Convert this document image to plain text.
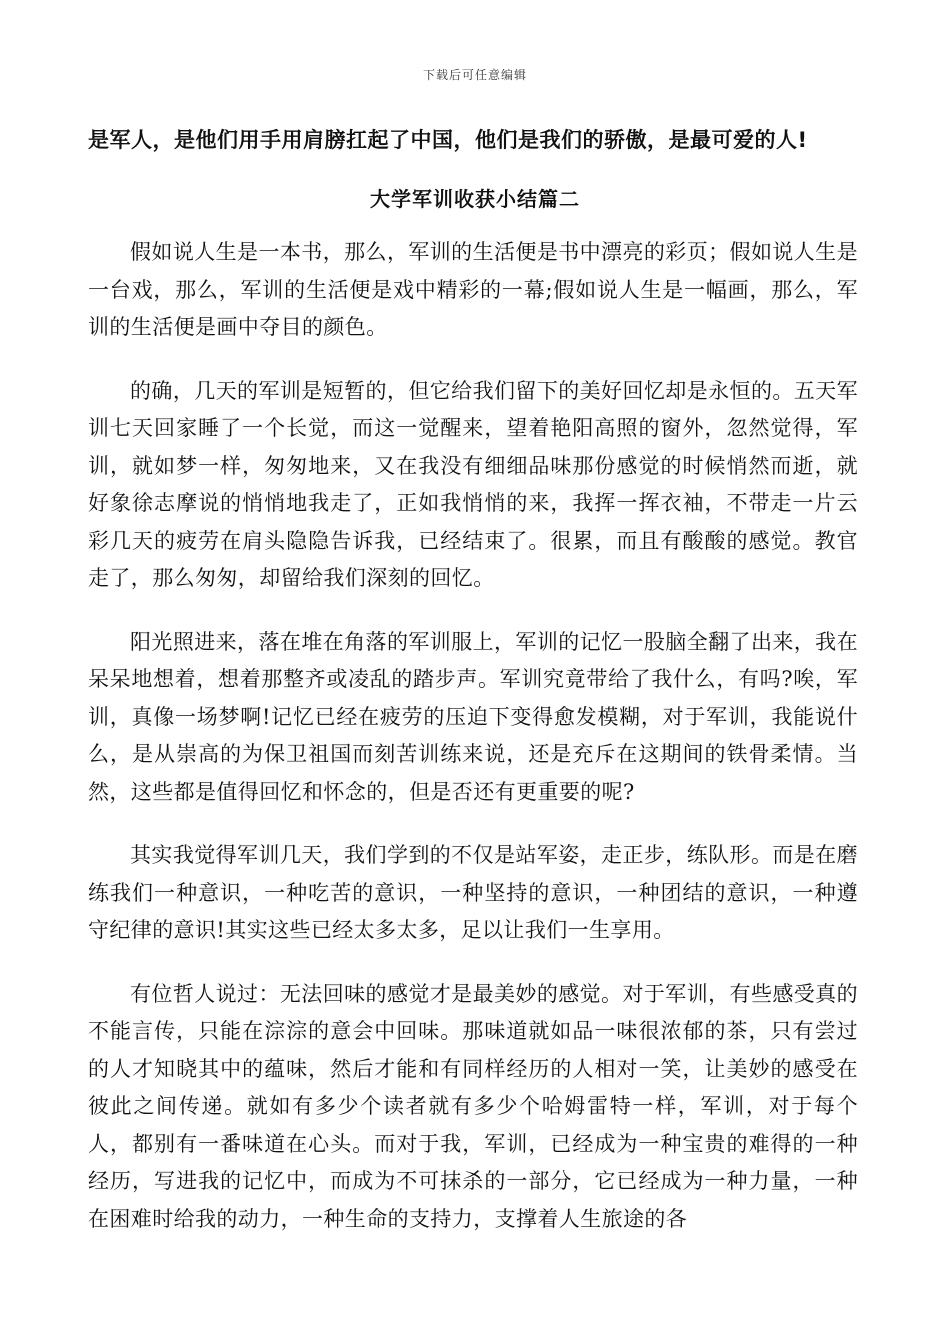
下载后可任意编辑
是军人，是他们用手用肩膀扛起了中国，他们是我们的骄傲，是最可爱的人!
大学军训收获小结篇二

假如说人生是一本书，那么，军训的生活便是书中漂亮的彩页；假如说人生是一台戏，那么，军训的生活便是戏中精彩的一幕;假如说人生是一幅画，那么，军训的生活便是画中夺目的颜色。

的确，几天的军训是短暂的，但它给我们留下的美好回忆却是永恒的。五天军训七天回家睡了一个长觉，而这一觉醒来，望着艳阳高照的窗外，忽然觉得，军训，就如梦一样，匆匆地来，又在我没有细细品味那份感觉的时候悄然而逝，就好象徐志摩说的悄悄地我走了，正如我悄悄的来，我挥一挥衣袖，不带走一片云彩几天的疲劳在肩头隐隐告诉我，已经结束了。很累，而且有酸酸的感觉。教官走了，那么匆匆，却留给我们深刻的回忆。

阳光照进来，落在堆在角落的军训服上，军训的记忆一股脑全翻了出来，我在呆呆地想着，想着那整齐或凌乱的踏步声。军训究竟带给了我什么，有吗?唉，军训，真像一场梦啊!记忆已经在疲劳的压迫下变得愈发模糊，对于军训，我能说什么，是从崇高的为保卫祖国而刻苦训练来说，还是充斥在这期间的铁骨柔情。当然，这些都是值得回忆和怀念的，但是否还有更重要的呢?

其实我觉得军训几天，我们学到的不仅是站军姿，走正步，练队形。而是在磨练我们一种意识，一种吃苦的意识，一种坚持的意识，一种团结的意识，一种遵守纪律的意识!其实这些已经太多太多，足以让我们一生享用。

有位哲人说过：无法回味的感觉才是最美妙的感觉。对于军训，有些感受真的不能言传，只能在淙淙的意会中回味。那味道就如品一味很浓郁的茶，只有尝过的人才知晓其中的蕴味，然后才能和有同样经历的人相对一笑，让美妙的感受在彼此之间传递。就如有多少个读者就有多少个哈姆雷特一样，军训，对于每个人，都别有一番味道在心头。而对于我，军训，已经成为一种宝贵的难得的一种经历，写进我的记忆中，而成为不可抹杀的一部分，它已经成为一种力量，一种在困难时给我的动力，一种生命的支持力，支撑着人生旅途的各
